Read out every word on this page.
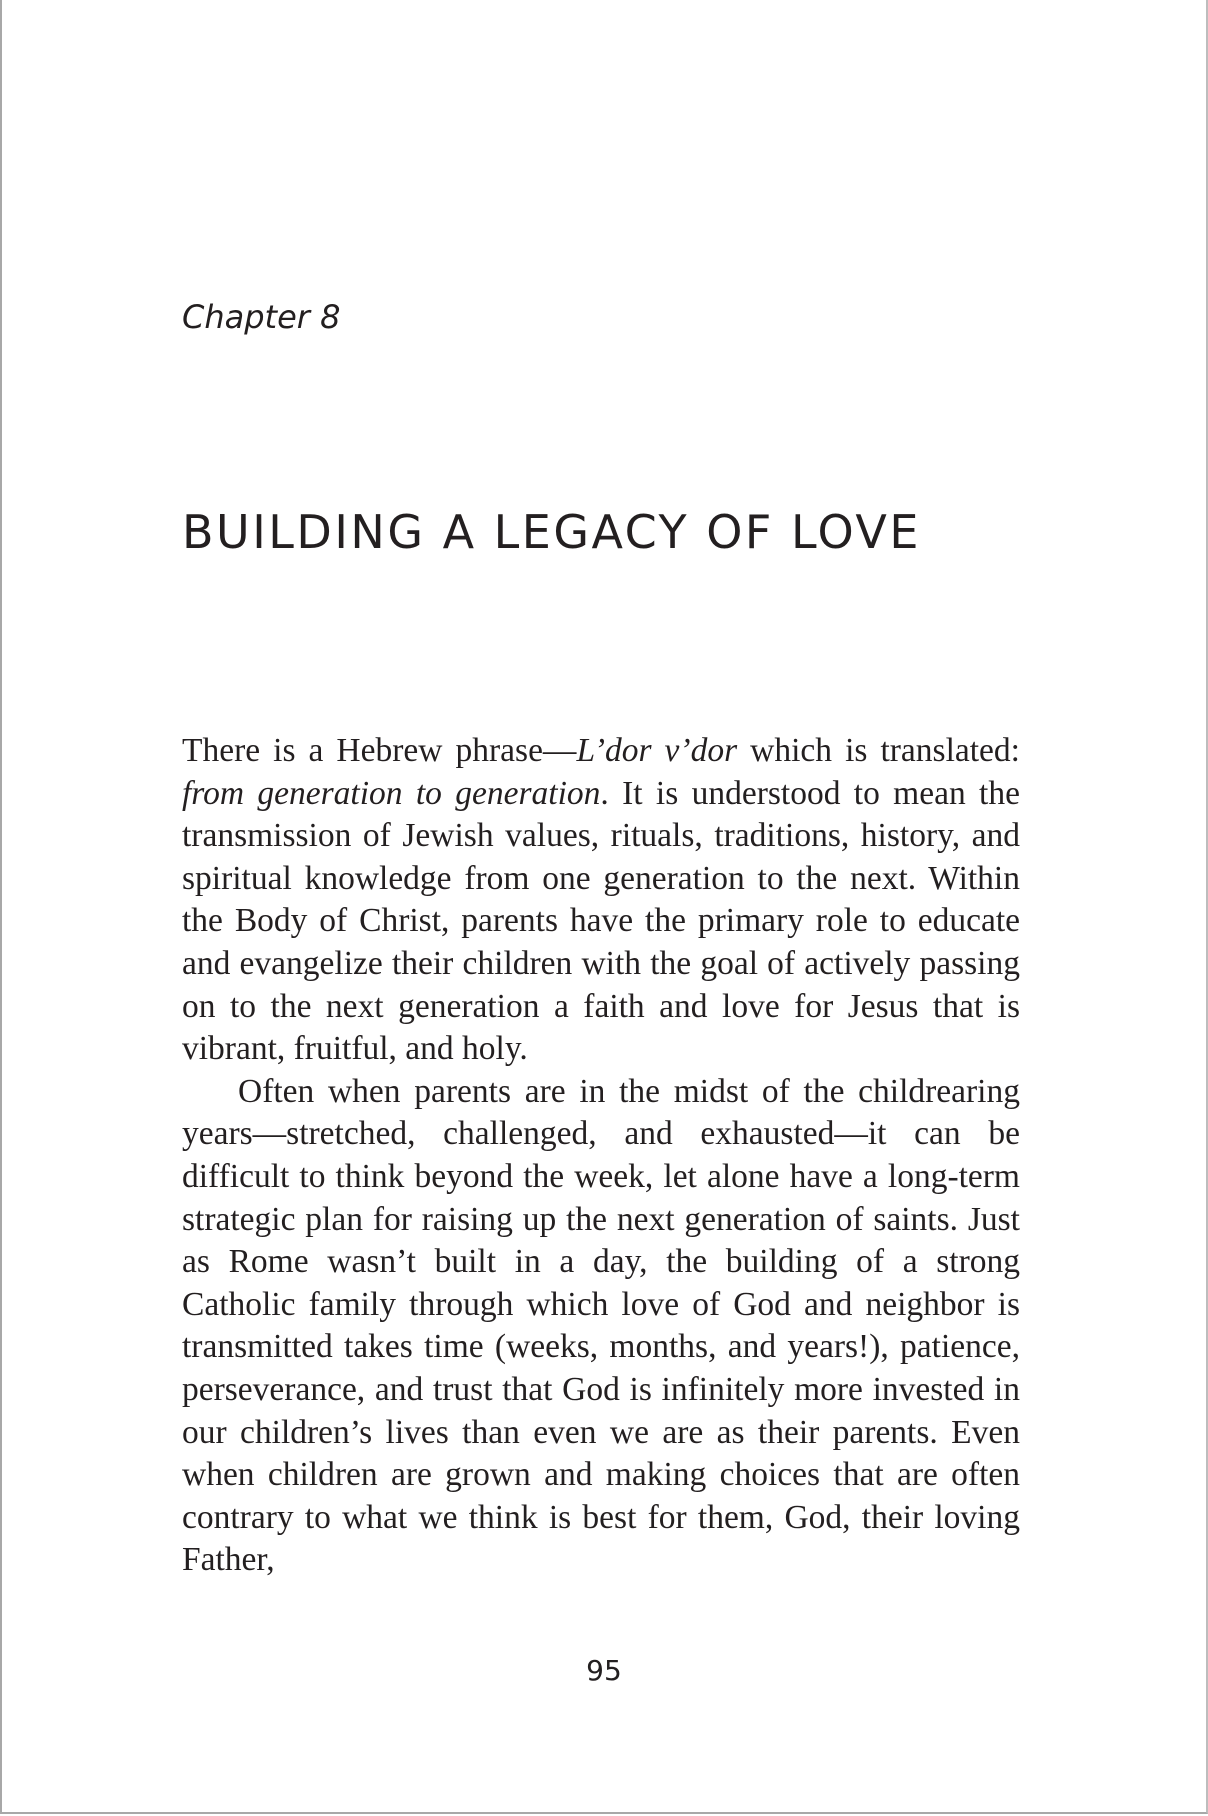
Chapter 8
BUILDING A LEGACY OF LOVE

There is a Hebrew phrase—L’dor v’dor which is translated: from generation to generation. It is understood to mean the transmission of Jewish values, rituals, traditions, history, and spiritual knowledge from one generation to the next. Within the Body of Christ, parents have the primary role to educate and evangelize their children with the goal of actively passing on to the next generation a faith and love for Jesus that is vibrant, fruitful, and holy.

Often when parents are in the midst of the childrearing years—stretched, challenged, and exhausted—it can be difficult to think beyond the week, let alone have a long-term strategic plan for raising up the next generation of saints. Just as Rome wasn’t built in a day, the building of a strong Catholic family through which love of God and neighbor is transmitted takes time (weeks, months, and years!), patience, perseverance, and trust that God is infinitely more invested in our children’s lives than even we are as their parents. Even when children are grown and making choices that are often contrary to what we think is best for them, God, their loving Father,

95
